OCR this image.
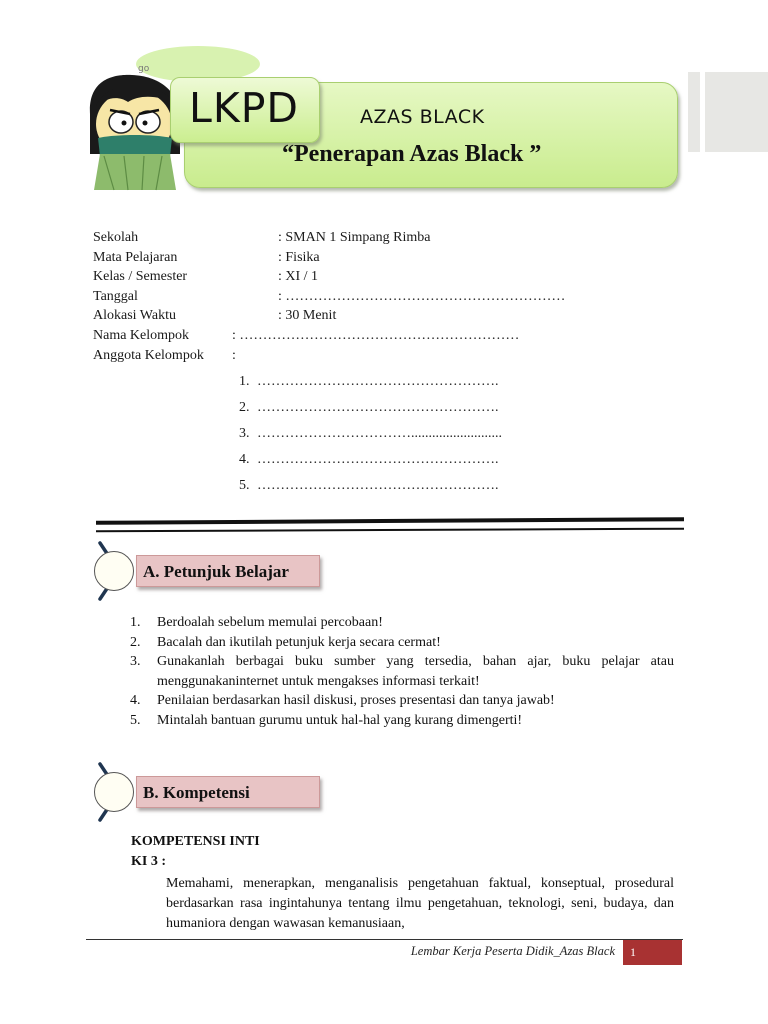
go
LKPD	AZAS BLACK
“Penerapan Azas Black ”
Sekolah	: SMAN 1 Simpang Rimba
Mata Pelajaran	: Fisika
Kelas / Semester	: XI / 1
Tanggal	: ……………………………………………………
Alokasi Waktu	: 30 Menit
Nama Kelompok	: ……………………………………………………
Anggota Kelompok :
1. …………………………………………….
2. …………………………………………….
3. ……………………………..........................
4. …………………………………………….
5. …………………………………………….
A. Petunjuk Belajar
1. Berdoalah sebelum memulai percobaan!
2. Bacalah dan ikutilah petunjuk kerja secara cermat!
3. Gunakanlah berbagai buku sumber yang tersedia, bahan ajar, buku pelajar atau menggunakaninternet untuk mengakses informasi terkait!
4. Penilaian berdasarkan hasil diskusi, proses presentasi dan tanya jawab!
5. Mintalah bantuan gurumu untuk hal-hal yang kurang dimengerti!
B. Kompetensi
KOMPETENSI INTI
KI 3 :
Memahami, menerapkan, menganalisis pengetahuan faktual, konseptual, prosedural berdasarkan rasa ingintahunya tentang ilmu pengetahuan, teknologi, seni, budaya, dan humaniora dengan wawasan kemanusiaan,
Lembar Kerja Peserta Didik_Azas Black	1
